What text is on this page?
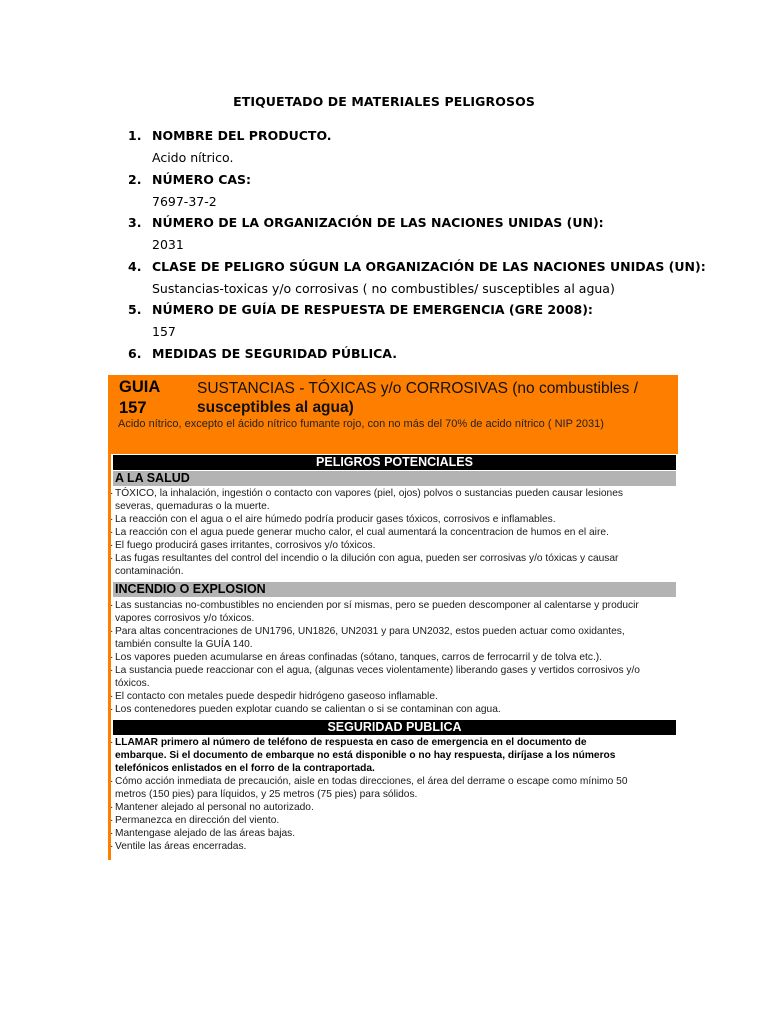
ETIQUETADO DE MATERIALES PELIGROSOS
1. NOMBRE DEL PRODUCTO.
Acido nítrico.
2. NÚMERO CAS:
7697-37-2
3. NÚMERO DE LA ORGANIZACIÓN DE LAS NACIONES UNIDAS (UN):
2031
4. CLASE DE PELIGRO SÚGUN LA ORGANIZACIÓN DE LAS NACIONES UNIDAS (UN):
Sustancias-toxicas y/o corrosivas ( no combustibles/ susceptibles al agua)
5. NÚMERO DE GUÍA DE RESPUESTA DE EMERGENCIA (GRE 2008):
157
6. MEDIDAS DE SEGURIDAD PÚBLICA.
GUIA
157
SUSTANCIAS - TÓXICAS y/o CORROSIVAS (no combustibles /
susceptibles al agua)
Acido nítrico, excepto el ácido nítrico fumante rojo, con no más del 70% de acido nítrico ( NIP 2031)
PELIGROS POTENCIALES
A LA SALUD
INCENDIO O EXPLOSION
SEGURIDAD PUBLICA
TÓXICO, la inhalación, ingestión o contacto con vapores (piel, ojos) polvos o sustancias pueden causar lesiones
·
severas, quemaduras o la muerte.
La reacción con el agua o el aire húmedo podría producir gases tóxicos, corrosivos e inflamables.
·
La reacción con el agua puede generar mucho calor, el cual aumentará la concentracion de humos en el aire.
·
El fuego producirá gases irritantes, corrosivos y/o tóxicos.
·
Las fugas resultantes del control del incendio o la dilución con agua, pueden ser corrosivas y/o tóxicas y causar
·
contaminación.
Las sustancias no-combustibles no encienden por sí mismas, pero se pueden descomponer al calentarse y producir
·
vapores corrosivos y/o tóxicos.
Para altas concentraciones de UN1796, UN1826, UN2031 y para UN2032, estos pueden actuar como oxidantes,
·
también consulte la GUÍA 140.
Los vapores pueden acumularse en áreas confinadas (sótano, tanques, carros de ferrocarril y de tolva etc.).
·
La sustancia puede reaccionar con el agua, (algunas veces violentamente) liberando gases y vertidos corrosivos y/o
·
tóxicos.
El contacto con metales puede despedir hidrógeno gaseoso inflamable.
·
Los contenedores pueden explotar cuando se calientan o si se contaminan con agua.
·
LLAMAR primero al número de teléfono de respuesta en caso de emergencia en el documento de
·
embarque. Si el documento de embarque no está disponible o no hay respuesta, diríjase a los números
telefónicos enlistados en el forro de la contraportada.
Cómo acción inmediata de precaución, aisle en todas direcciones, el área del derrame o escape como mínimo 50
·
metros (150 pies) para líquidos, y 25 metros (75 pies) para sólidos.
Mantener alejado al personal no autorizado.
·
Permanezca en dirección del viento.
·
Mantengase alejado de las áreas bajas.
·
Ventile las áreas encerradas.
·
